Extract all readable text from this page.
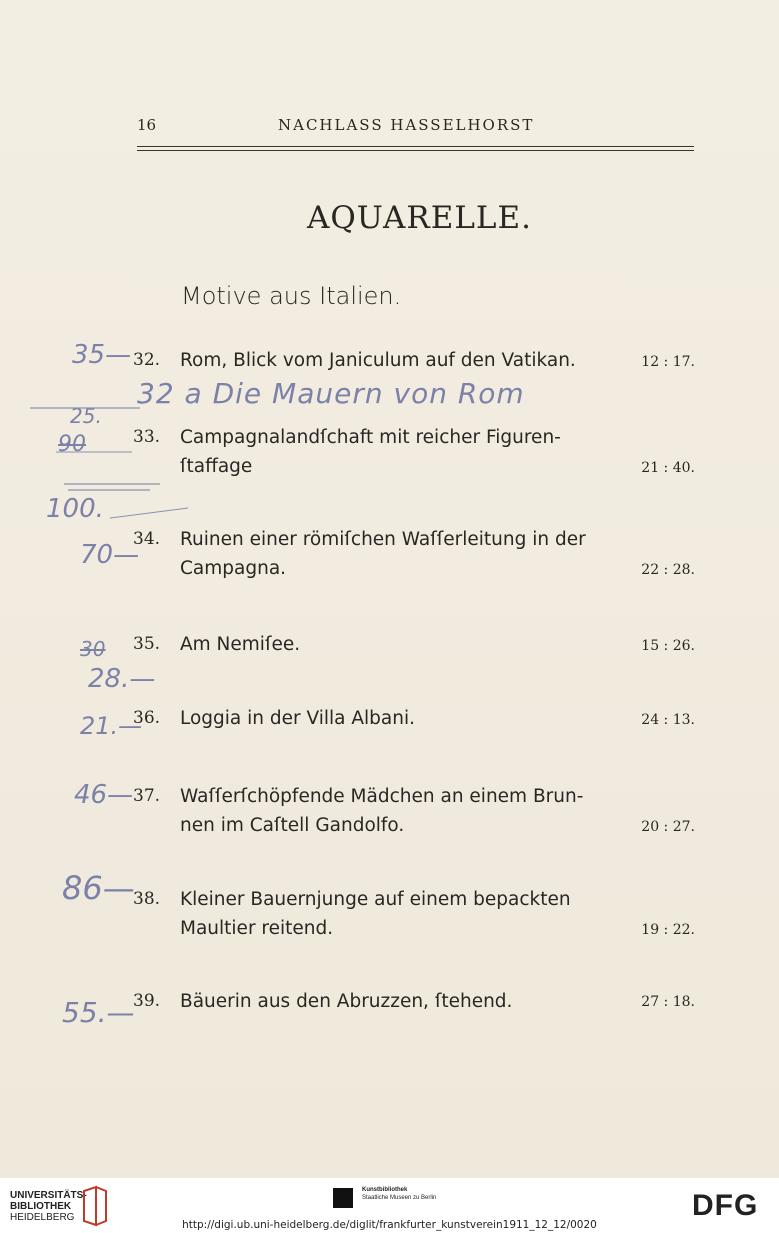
16	NACHLASS HASSELHORST
AQUARELLE.
Motive aus Italien.
32. Rom, Blick vom Janiculum auf den Vatikan.	12 : 17.
33. Campagnalandſchaft mit reicher Figuren-
ſtaffage	21 : 40.
34. Ruinen einer römiſchen Waſſerleitung in der
Campagna.	22 : 28.
35. Am Nemiſee.	15 : 26.
36. Loggia in der Villa Albani.	24 : 13.
37. Waſſerſchöpfende Mädchen an einem Brun-
nen im Caſtell Gandolfo.	20 : 27.
38. Kleiner Bauernjunge auf einem bepackten
Maultier reitend.	19 : 22.
39. Bäuerin aus den Abruzzen, ſtehend.	27 : 18.
35—
32 a Die Mauern von Rom
25.
90
100.
70—
30
28.—
21.—
46—
86—
55.—
UNIVERSITÄTS-
BIBLIOTHEK
HEIDELBERG
Kunstbibliothek
Staatliche Museen zu Berlin	DFG
http://digi.ub.uni-heidelberg.de/diglit/frankfurter_kunstverein1911_12_12/0020
